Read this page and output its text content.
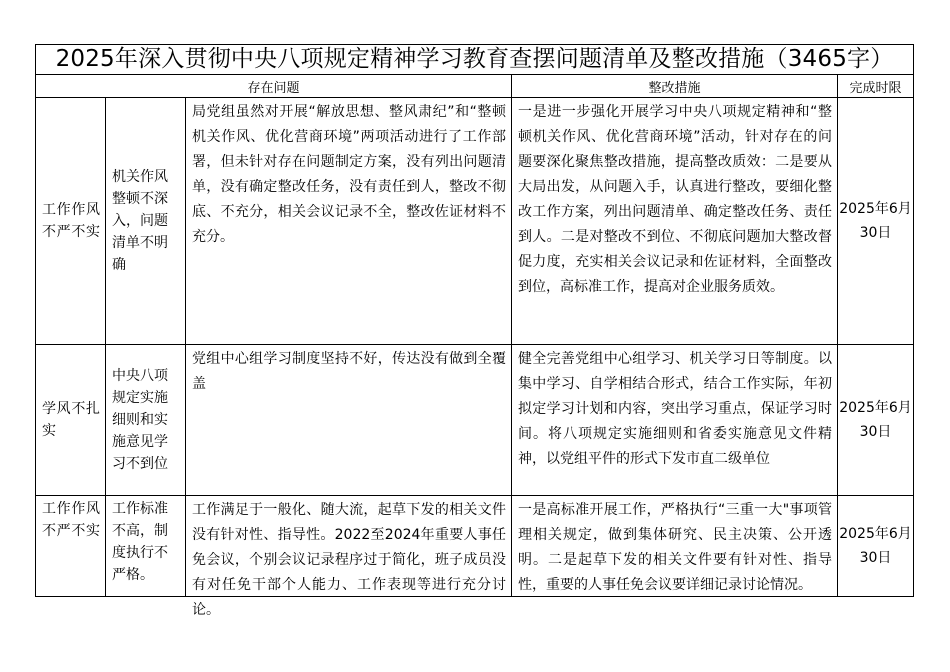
2025年深入贯彻中央八项规定精神学习教育查摆问题清单及整改措施（3465字）				
存在问题			整改措施	完成时限
工作作风不严不实	机关作风整顿不深入，问题清单不明确	局党组虽然对开展“解放思想、整风肃纪”和“整顿机关作风、优化营商环境”两项活动进行了工作部署，但未针对存在问题制定方案，没有列出问题清单，没有确定整改任务，没有责任到人，整改不彻底、不充分，相关会议记录不全，整改佐证材料不充分。	一是进一步强化开展学习中央八项规定精神和“整顿机关作风、优化营商环境”活动，针对存在的问题要深化聚焦整改措施，提高整改质效：二是要从大局出发，从问题入手，认真进行整改，要细化整改工作方案，列出问题清单、确定整改任务、责任到人。二是对整改不到位、不彻底问题加大整改督促力度，充实相关会议记录和佐证材料，全面整改到位，高标准工作，提高对企业服务质效。	2025年6月30日
学风不扎实	中央八项规定实施细则和实施意见学习不到位	党组中心组学习制度坚持不好，传达没有做到全覆盖	健全完善党组中心组学习、机关学习日等制度。以集中学习、自学相结合形式，结合工作实际，年初拟定学习计划和内容，突出学习重点，保证学习时间。将八项规定实施细则和省委实施意见文件精神，以党组平件的形式下发市直二级单位	2025年6月30日
工作作风不严不实	工作标准不高，制度执行不严格。	工作满足于一般化、随大流，起草下发的相关文件没有针对性、指导性。2022至2024年重要人事任免会议，个别会议记录程序过于简化，班子成员没有对任免干部个人能力、工作表现等进行充分讨论。	一是高标准开展工作，严格执行“三重一大"事项管理相关规定，做到集体研究、民主决策、公开透明。二是起草下发的相关文件要有针对性、指导性，重要的人事任免会议要详细记录讨论情况。	2025年6月30日
